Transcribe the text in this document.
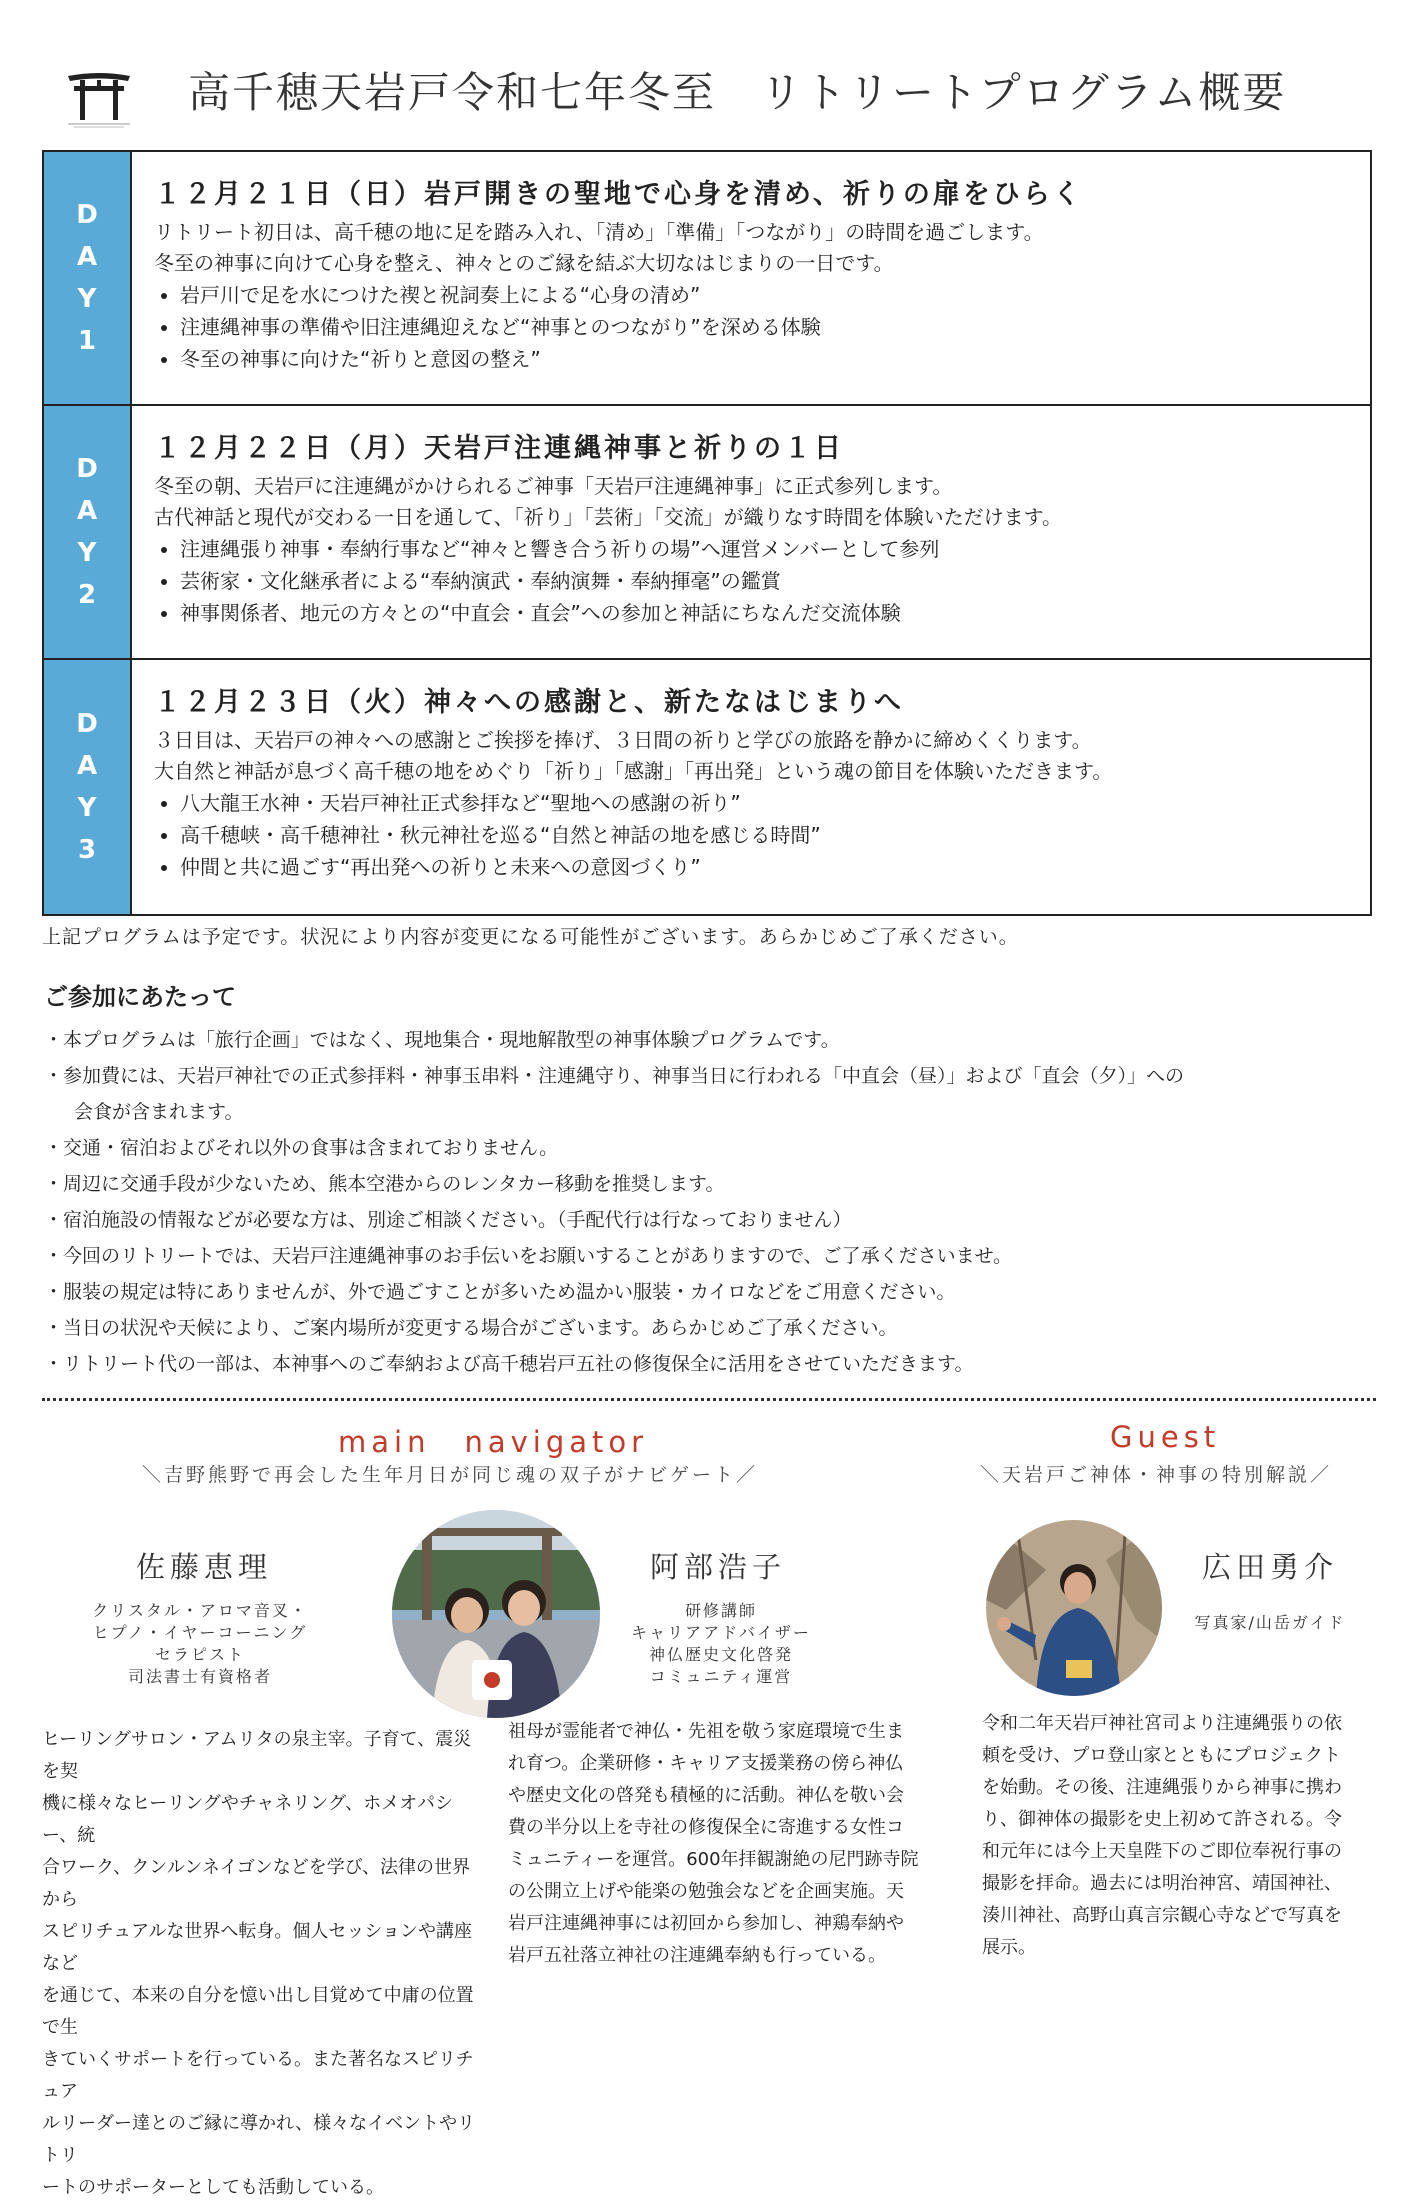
高千穂天岩戸令和七年冬至　リトリートプログラム概要
D
A
Y
1
１２月２１日（日）岩戸開きの聖地で心身を清め、祈りの扉をひらく

リトリート初日は、高千穂の地に足を踏み入れ、「清め」「準備」「つながり」の時間を過ごします。

冬至の神事に向けて心身を整え、神々とのご縁を結ぶ大切なはじまりの一日です。

• 岩戸川で足を水につけた禊と祝詞奏上による“心身の清め”
• 注連縄神事の準備や旧注連縄迎えなど“神事とのつながり”を深める体験
• 冬至の神事に向けた“祈りと意図の整え”
D
A
Y
2
１２月２２日（月）天岩戸注連縄神事と祈りの１日

冬至の朝、天岩戸に注連縄がかけられるご神事「天岩戸注連縄神事」に正式参列します。

古代神話と現代が交わる一日を通して、「祈り」「芸術」「交流」が織りなす時間を体験いただけます。

• 注連縄張り神事・奉納行事など“神々と響き合う祈りの場”へ運営メンバーとして参列
• 芸術家・文化継承者による“奉納演武・奉納演舞・奉納揮毫”の鑑賞
• 神事関係者、地元の方々との“中直会・直会”への参加と神話にちなんだ交流体験
D
A
Y
3
１２月２３日（火）神々への感謝と、新たなはじまりへ

３日目は、天岩戸の神々への感謝とご挨拶を捧げ、３日間の祈りと学びの旅路を静かに締めくくります。

大自然と神話が息づく高千穂の地をめぐり「祈り」「感謝」「再出発」という魂の節目を体験いただきます。

• 八大龍王水神・天岩戸神社正式参拝など“聖地への感謝の祈り”
• 高千穂峡・高千穂神社・秋元神社を巡る“自然と神話の地を感じる時間”
• 仲間と共に過ごす“再出発への祈りと未来への意図づくり”
上記プログラムは予定です。状況により内容が変更になる可能性がございます。あらかじめご了承ください。
ご参加にあたって
・本プログラムは「旅行企画」ではなく、現地集合・現地解散型の神事体験プログラムです。
・参加費には、天岩戸神社での正式参拝料・神事玉串料・注連縄守り、神事当日に行われる「中直会（昼）」および「直会（夕）」への
会食が含まれます。
・交通・宿泊およびそれ以外の食事は含まれておりません。
・周辺に交通手段が少ないため、熊本空港からのレンタカー移動を推奨します。
・宿泊施設の情報などが必要な方は、別途ご相談ください。（手配代行は行なっておりません）
・今回のリトリートでは、天岩戸注連縄神事のお手伝いをお願いすることがありますので、ご了承くださいませ。
・服装の規定は特にありませんが、外で過ごすことが多いため温かい服装・カイロなどをご用意ください。
・当日の状況や天候により、ご案内場所が変更する場合がございます。あらかじめご了承ください。
・リトリート代の一部は、本神事へのご奉納および高千穂岩戸五社の修復保全に活用をさせていただきます。
main　navigator
＼吉野熊野で再会した生年月日が同じ魂の双子がナビゲート／
Guest
＼天岩戸ご神体・神事の特別解説／
佐藤恵理
クリスタル・アロマ音叉・
ヒプノ・イヤーコーニング
セラピスト
司法書士有資格者
阿部浩子
研修講師
キャリアアドバイザー
神仏歴史文化啓発
コミュニティ運営
広田勇介
写真家/山岳ガイド
ヒーリングサロン・アムリタの泉主宰。子育て、震災を契
機に様々なヒーリングやチャネリング、ホメオパシー、統
合ワーク、クンルンネイゴンなどを学び、法律の世界から
スピリチュアルな世界へ転身。個人セッションや講座など
を通じて、本来の自分を憶い出し目覚めて中庸の位置で生
きていくサポートを行っている。また著名なスピリチュア
ルリーダー達とのご縁に導かれ、様々なイベントやリトリ
ートのサポーターとしても活動している。
祖母が霊能者で神仏・先祖を敬う家庭環境で生ま
れ育つ。企業研修・キャリア支援業務の傍ら神仏
や歴史文化の啓発も積極的に活動。神仏を敬い会
費の半分以上を寺社の修復保全に寄進する女性コ
ミュニティーを運営。600年拝観謝絶の尼門跡寺院
の公開立上げや能楽の勉強会などを企画実施。天
岩戸注連縄神事には初回から参加し、神鶏奉納や
岩戸五社落立神社の注連縄奉納も行っている。
令和二年天岩戸神社宮司より注連縄張りの依
頼を受け、プロ登山家とともにプロジェクト
を始動。その後、注連縄張りから神事に携わ
り、御神体の撮影を史上初めて許される。令
和元年には今上天皇陛下のご即位奉祝行事の
撮影を拝命。過去には明治神宮、靖国神社、
湊川神社、高野山真言宗観心寺などで写真を
展示。
